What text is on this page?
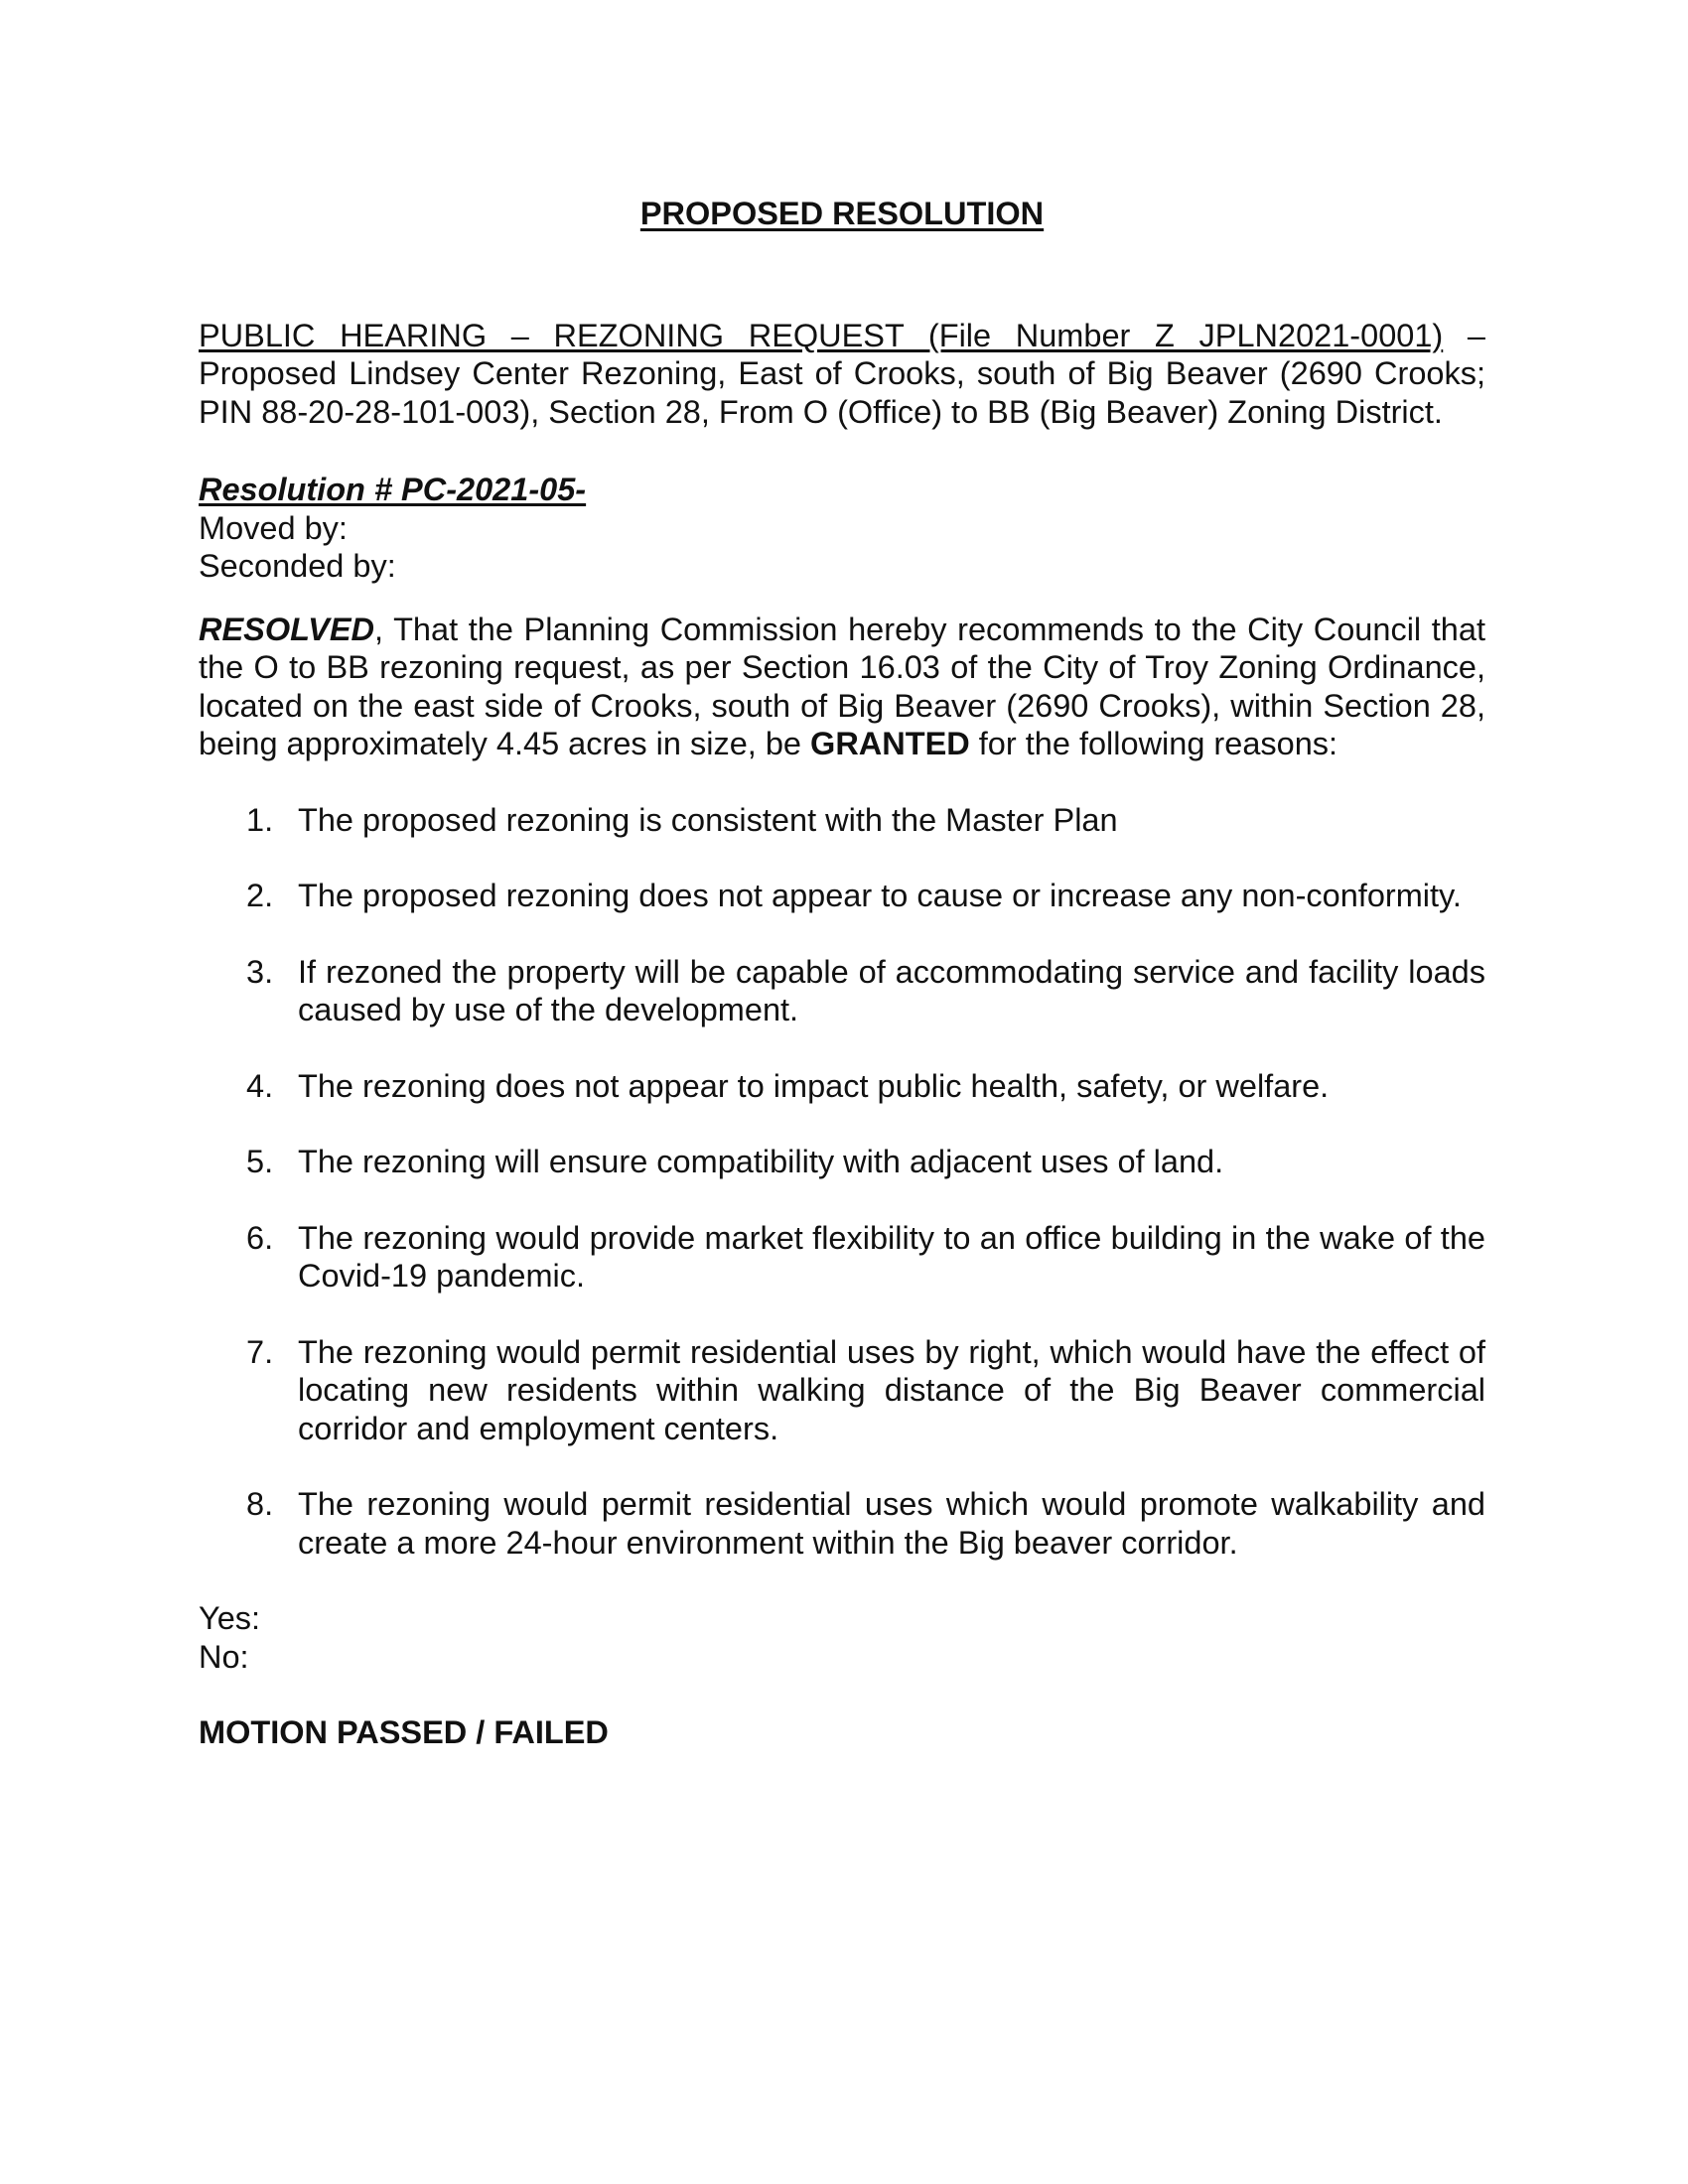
PROPOSED RESOLUTION
PUBLIC HEARING – REZONING REQUEST (File Number Z JPLN2021-0001) – Proposed Lindsey Center Rezoning, East of Crooks, south of Big Beaver (2690 Crooks; PIN 88-20-28-101-003), Section 28, From O (Office) to BB (Big Beaver) Zoning District.
Resolution # PC-2021-05-
Moved by:
Seconded by:
RESOLVED, That the Planning Commission hereby recommends to the City Council that the O to BB rezoning request, as per Section 16.03 of the City of Troy Zoning Ordinance, located on the east side of Crooks, south of Big Beaver (2690 Crooks), within Section 28, being approximately 4.45 acres in size, be GRANTED for the following reasons:
1. The proposed rezoning is consistent with the Master Plan
2. The proposed rezoning does not appear to cause or increase any non-conformity.
3. If rezoned the property will be capable of accommodating service and facility loads caused by use of the development.
4. The rezoning does not appear to impact public health, safety, or welfare.
5. The rezoning will ensure compatibility with adjacent uses of land.
6. The rezoning would provide market flexibility to an office building in the wake of the Covid-19 pandemic.
7. The rezoning would permit residential uses by right, which would have the effect of locating new residents within walking distance of the Big Beaver commercial corridor and employment centers.
8. The rezoning would permit residential uses which would promote walkability and create a more 24-hour environment within the Big beaver corridor.
Yes:
No:
MOTION PASSED / FAILED
